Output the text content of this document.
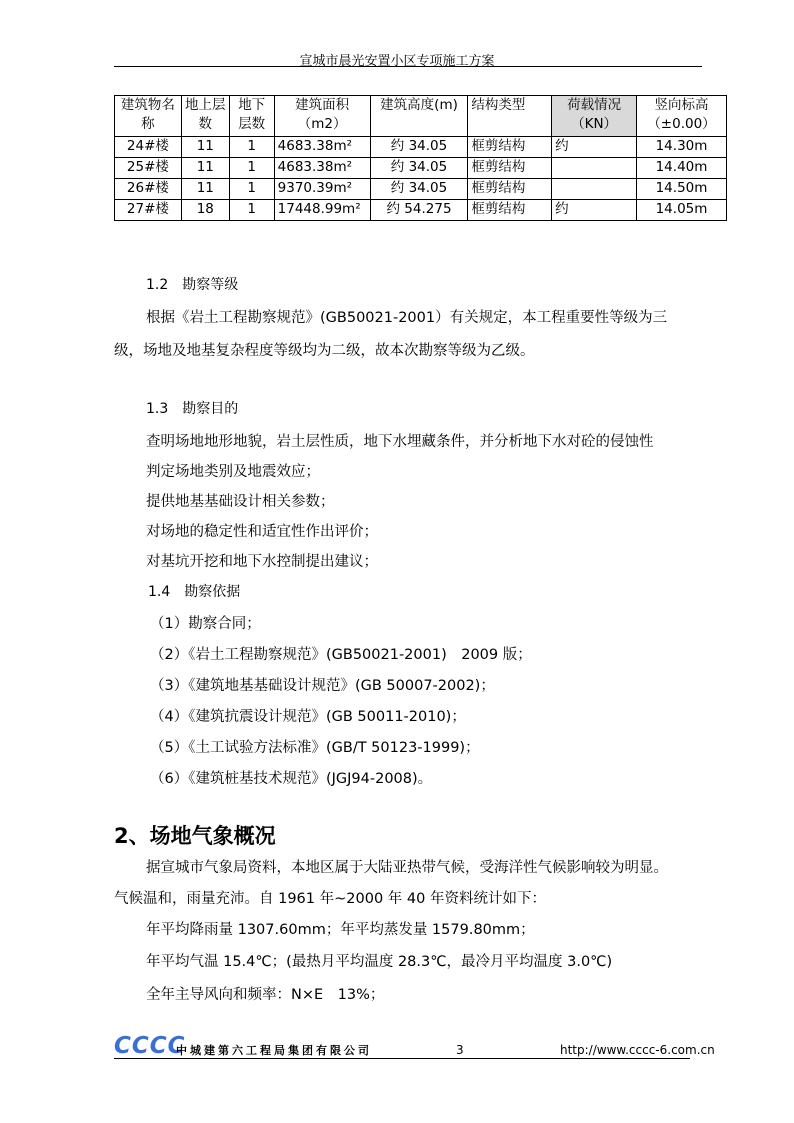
宣城市晨光安置小区专项施工方案
建筑物名称	地上层数	地下层数	建筑面积（m2）	建筑高度(m)	结构类型	荷载情况（KN）	竖向标高（±0.00）
24#楼	11	1	4683.38m²	约 34.05	框剪结构	约	14.30m
25#楼	11	1	4683.38m²	约 34.05	框剪结构		14.40m
26#楼	11	1	9370.39m²	约 34.05	框剪结构		14.50m
27#楼	18	1	17448.99m²	约 54.275	框剪结构	约	14.05m
1.2　勘察等级
根据《岩土工程勘察规范》(GB50021-2001）有关规定，本工程重要性等级为三
级，场地及地基复杂程度等级均为二级，故本次勘察等级为乙级。
1.3　勘察目的
查明场地地形地貌，岩土层性质，地下水埋藏条件，并分析地下水对砼的侵蚀性
判定场地类别及地震效应；
提供地基基础设计相关参数；
对场地的稳定性和适宜性作出评价；
对基坑开挖和地下水控制提出建议；
1.4　勘察依据
（1）勘察合同；
（2）《岩土工程勘察规范》(GB50021-2001)　2009 版；
（3）《建筑地基基础设计规范》(GB 50007-2002)；
（4）《建筑抗震设计规范》(GB 50011-2010)；
（5）《土工试验方法标准》(GB/T 50123-1999)；
（6）《建筑桩基技术规范》(JGJ94-2008)。
2、场地气象概况
据宣城市气象局资料，本地区属于大陆亚热带气候，受海洋性气候影响较为明显。
气候温和，雨量充沛。自 1961 年~2000 年 40 年资料统计如下：
年平均降雨量 1307.60mm；年平均蒸发量 1579.80mm；
年平均气温 15.4℃；(最热月平均温度 28.3℃，最冷月平均温度 3.0℃)
全年主导风向和频率：N×E　13%；
CCCC
中城建第六工程局集团有限公司	3	http://www.cccc-6.com.cn
